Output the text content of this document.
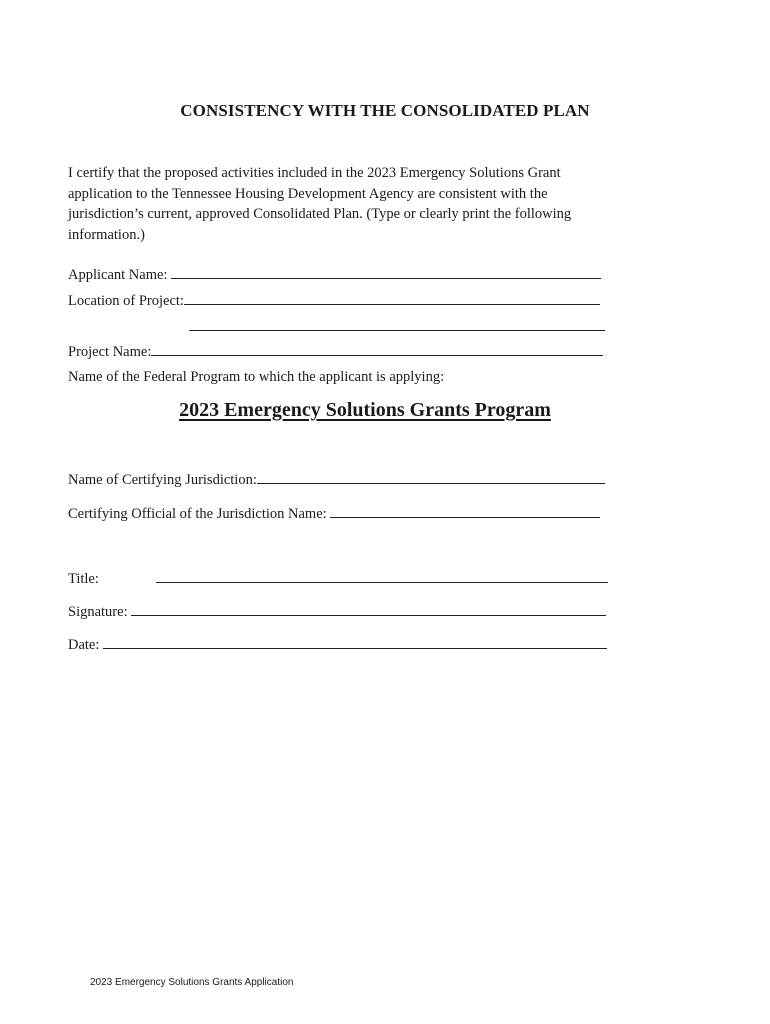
CONSISTENCY WITH THE CONSOLIDATED PLAN
I certify that the proposed activities included in the 2023 Emergency Solutions Grant application to the Tennessee Housing Development Agency are consistent with the jurisdiction’s current, approved Consolidated Plan. (Type or clearly print the following information.)
Applicant Name:
Location of Project:
Project Name:
Name of the Federal Program to which the applicant is applying:
2023 Emergency Solutions Grants Program
Name of Certifying Jurisdiction:
Certifying Official of the Jurisdiction Name:
Title:
Signature:
Date:
2023 Emergency Solutions Grants Application
